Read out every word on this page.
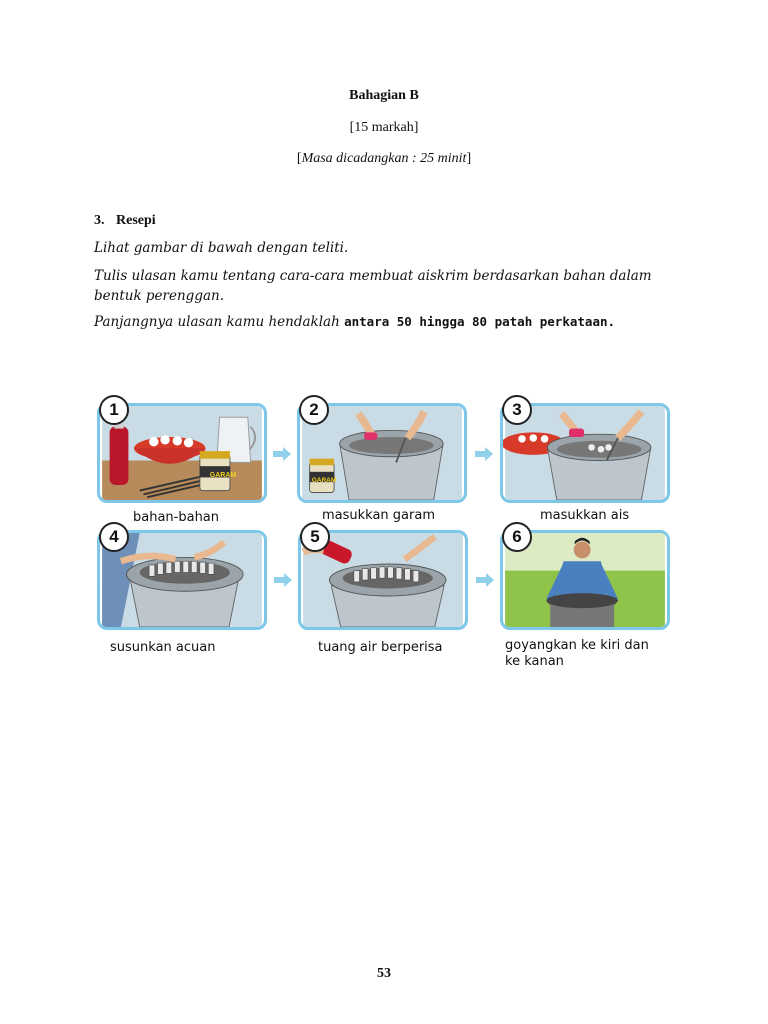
Bahagian B
[15 markah]
[Masa dicadangkan : 25 minit]
3. Resepi
Lihat gambar di bawah dengan teliti.
Tulis ulasan kamu tentang cara-cara membuat aiskrim berdasarkan bahan dalam bentuk perenggan.
Panjangnya ulasan kamu hendaklah antara 50 hingga 80 patah perkataan.
GARAM
1
GARAM
2	3
4	5	6
bahan-bahan	masukkan garam	masukkan ais
susunkan acuan	tuang air berperisa	goyangkan ke kiri dan ke kanan
53
